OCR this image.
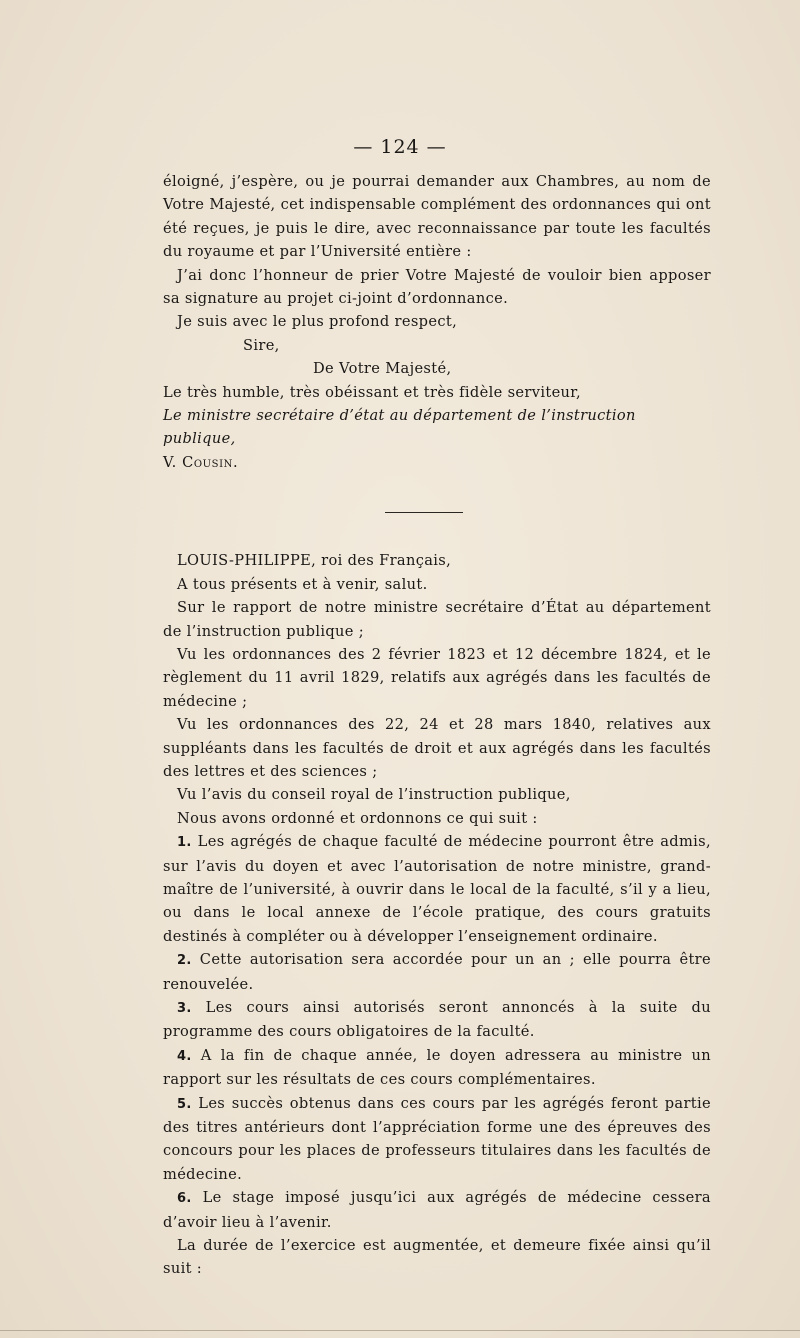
— 124 —

éloigné, j’espère, ou je pourrai demander aux Chambres, au nom de Votre Majesté, cet indispensable complément des ordonnances qui ont été reçues, je puis le dire, avec reconnaissance par toute les facultés du royaume et par l’Université entière :

J’ai donc l’honneur de prier Votre Majesté de vouloir bien apposer sa signature au projet ci-joint d’ordonnance.

Je suis avec le plus profond respect,

Sire,

De Votre Majesté,

Le très humble, très obéissant et très fidèle serviteur,

Le ministre secrétaire d’état au département de l’instruction publique,

V. Cousin.

LOUIS-PHILIPPE, roi des Français,

A tous présents et à venir, salut.

Sur le rapport de notre ministre secrétaire d’État au département de l’instruction publique ;

Vu les ordonnances des 2 février 1823 et 12 décembre 1824, et le règlement du 11 avril 1829, relatifs aux agrégés dans les facultés de médecine ;

Vu les ordonnances des 22, 24 et 28 mars 1840, relatives aux suppléants dans les facultés de droit et aux agrégés dans les facultés des lettres et des sciences ;

Vu l’avis du conseil royal de l’instruction publique,

Nous avons ordonné et ordonnons ce qui suit :

1. Les agrégés de chaque faculté de médecine pourront être admis, sur l’avis du doyen et avec l’autorisation de notre ministre, grand-maître de l’université, à ouvrir dans le local de la faculté, s’il y a lieu, ou dans le local annexe de l’école pratique, des cours gratuits destinés à compléter ou à développer l’enseignement ordinaire.

2. Cette autorisation sera accordée pour un an ; elle pourra être renouvelée.

3. Les cours ainsi autorisés seront annoncés à la suite du programme des cours obligatoires de la faculté.

4. A la fin de chaque année, le doyen adressera au ministre un rapport sur les résultats de ces cours complémentaires.

5. Les succès obtenus dans ces cours par les agrégés feront partie des titres antérieurs dont l’appréciation forme une des épreuves des concours pour les places de professeurs titulaires dans les facultés de médecine.

6. Le stage imposé jusqu’ici aux agrégés de médecine cessera d’avoir lieu à l’avenir.

La durée de l’exercice est augmentée, et demeure fixée ainsi qu’il suit :
